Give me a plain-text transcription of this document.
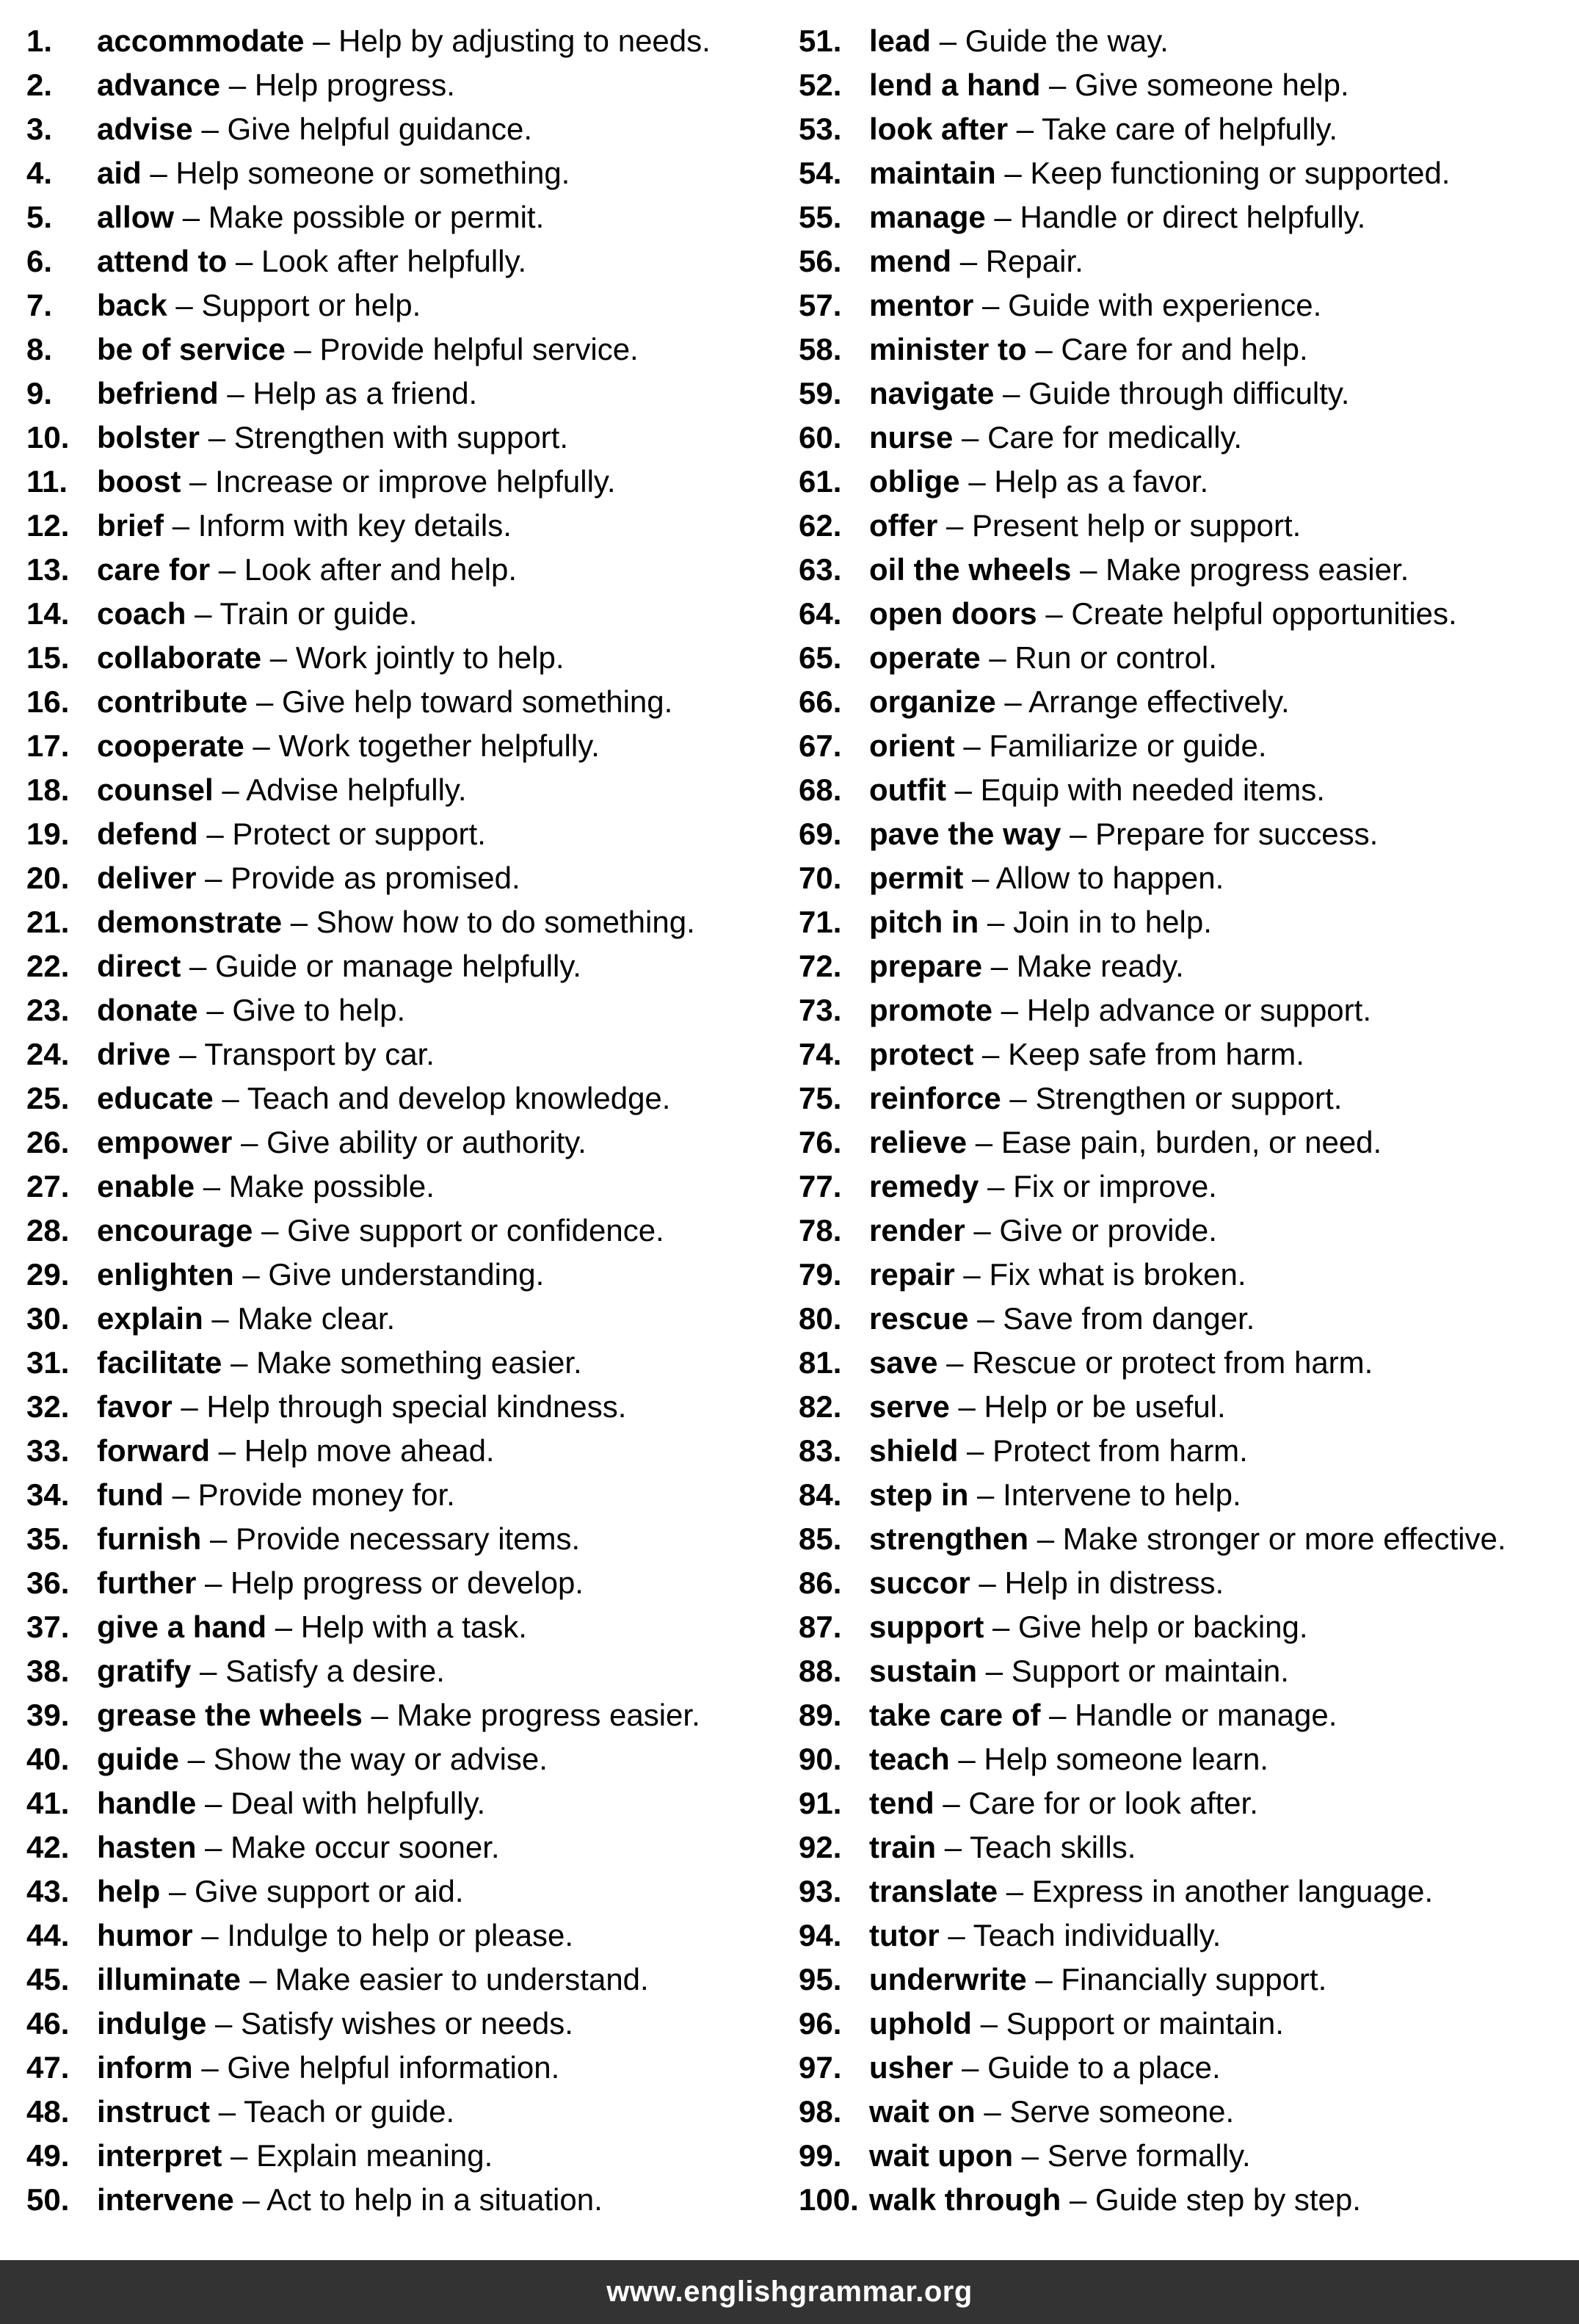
1. accommodate – Help by adjusting to needs.
2. advance – Help progress.
3. advise – Give helpful guidance.
4. aid – Help someone or something.
5. allow – Make possible or permit.
6. attend to – Look after helpfully.
7. back – Support or help.
8. be of service – Provide helpful service.
9. befriend – Help as a friend.
10. bolster – Strengthen with support.
11. boost – Increase or improve helpfully.
12. brief – Inform with key details.
13. care for – Look after and help.
14. coach – Train or guide.
15. collaborate – Work jointly to help.
16. contribute – Give help toward something.
17. cooperate – Work together helpfully.
18. counsel – Advise helpfully.
19. defend – Protect or support.
20. deliver – Provide as promised.
21. demonstrate – Show how to do something.
22. direct – Guide or manage helpfully.
23. donate – Give to help.
24. drive – Transport by car.
25. educate – Teach and develop knowledge.
26. empower – Give ability or authority.
27. enable – Make possible.
28. encourage – Give support or confidence.
29. enlighten – Give understanding.
30. explain – Make clear.
31. facilitate – Make something easier.
32. favor – Help through special kindness.
33. forward – Help move ahead.
34. fund – Provide money for.
35. furnish – Provide necessary items.
36. further – Help progress or develop.
37. give a hand – Help with a task.
38. gratify – Satisfy a desire.
39. grease the wheels – Make progress easier.
40. guide – Show the way or advise.
41. handle – Deal with helpfully.
42. hasten – Make occur sooner.
43. help – Give support or aid.
44. humor – Indulge to help or please.
45. illuminate – Make easier to understand.
46. indulge – Satisfy wishes or needs.
47. inform – Give helpful information.
48. instruct – Teach or guide.
49. interpret – Explain meaning.
50. intervene – Act to help in a situation.
51. lead – Guide the way.
52. lend a hand – Give someone help.
53. look after – Take care of helpfully.
54. maintain – Keep functioning or supported.
55. manage – Handle or direct helpfully.
56. mend – Repair.
57. mentor – Guide with experience.
58. minister to – Care for and help.
59. navigate – Guide through difficulty.
60. nurse – Care for medically.
61. oblige – Help as a favor.
62. offer – Present help or support.
63. oil the wheels – Make progress easier.
64. open doors – Create helpful opportunities.
65. operate – Run or control.
66. organize – Arrange effectively.
67. orient – Familiarize or guide.
68. outfit – Equip with needed items.
69. pave the way – Prepare for success.
70. permit – Allow to happen.
71. pitch in – Join in to help.
72. prepare – Make ready.
73. promote – Help advance or support.
74. protect – Keep safe from harm.
75. reinforce – Strengthen or support.
76. relieve – Ease pain, burden, or need.
77. remedy – Fix or improve.
78. render – Give or provide.
79. repair – Fix what is broken.
80. rescue – Save from danger.
81. save – Rescue or protect from harm.
82. serve – Help or be useful.
83. shield – Protect from harm.
84. step in – Intervene to help.
85. strengthen – Make stronger or more effective.
86. succor – Help in distress.
87. support – Give help or backing.
88. sustain – Support or maintain.
89. take care of – Handle or manage.
90. teach – Help someone learn.
91. tend – Care for or look after.
92. train – Teach skills.
93. translate – Express in another language.
94. tutor – Teach individually.
95. underwrite – Financially support.
96. uphold – Support or maintain.
97. usher – Guide to a place.
98. wait on – Serve someone.
99. wait upon – Serve formally.
100. walk through – Guide step by step.
www.englishgrammar.org
